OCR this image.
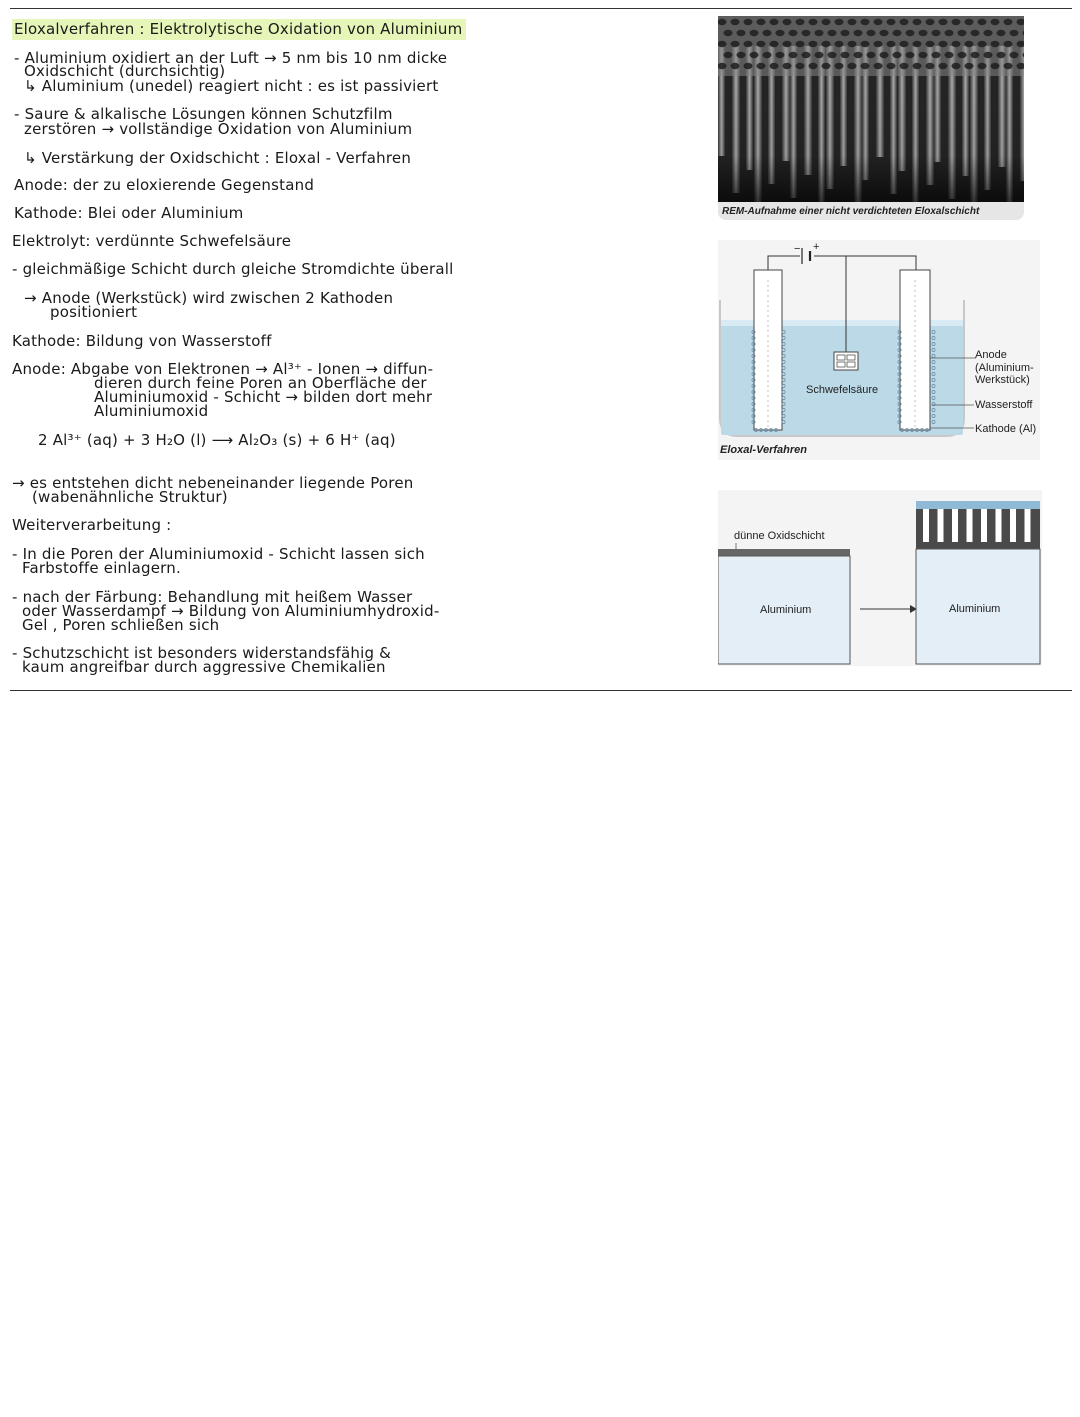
Eloxalverfahren : Elektrolytische Oxidation von Aluminium
- Aluminium oxidiert an der Luft → 5 nm bis 10 nm dicke
Oxidschicht (durchsichtig)
↳ Aluminium (unedel) reagiert nicht : es ist passiviert
- Saure & alkalische Lösungen können Schutzfilm
zerstören → vollständige Oxidation von Aluminium
↳ Verstärkung der Oxidschicht : Eloxal - Verfahren
Anode: der zu eloxierende Gegenstand
Kathode: Blei oder Aluminium
Elektrolyt: verdünnte Schwefelsäure
- gleichmäßige Schicht durch gleiche Stromdichte überall
→ Anode (Werkstück) wird zwischen 2 Kathoden
positioniert
Kathode: Bildung von Wasserstoff
Anode: Abgabe von Elektronen → Al³⁺ - Ionen → diffun-
dieren durch feine Poren an Oberfläche der
Aluminiumoxid - Schicht → bilden dort mehr
Aluminiumoxid
2 Al³⁺ (aq) + 3 H₂O (l) ⟶ Al₂O₃ (s) + 6 H⁺ (aq)
→ es entstehen dicht nebeneinander liegende Poren
(wabenähnliche Struktur)
Weiterverarbeitung :
- In die Poren der Aluminiumoxid - Schicht lassen sich
Farbstoffe einlagern.
- nach der Färbung: Behandlung mit heißem Wasser
oder Wasserdampf → Bildung von Aluminiumhydroxid-
Gel , Poren schließen sich
- Schutzschicht ist besonders widerstandsfähig &
kaum angreifbar durch aggressive Chemikalien
REM-Aufnahme einer nicht verdichteten Eloxalschicht
− +
Schwefelsäure
Anode
(Aluminium-
Werkstück)
Wasserstoff
Kathode (Al)
Eloxal-Verfahren
dünne Oxidschicht
Aluminium	Aluminium
